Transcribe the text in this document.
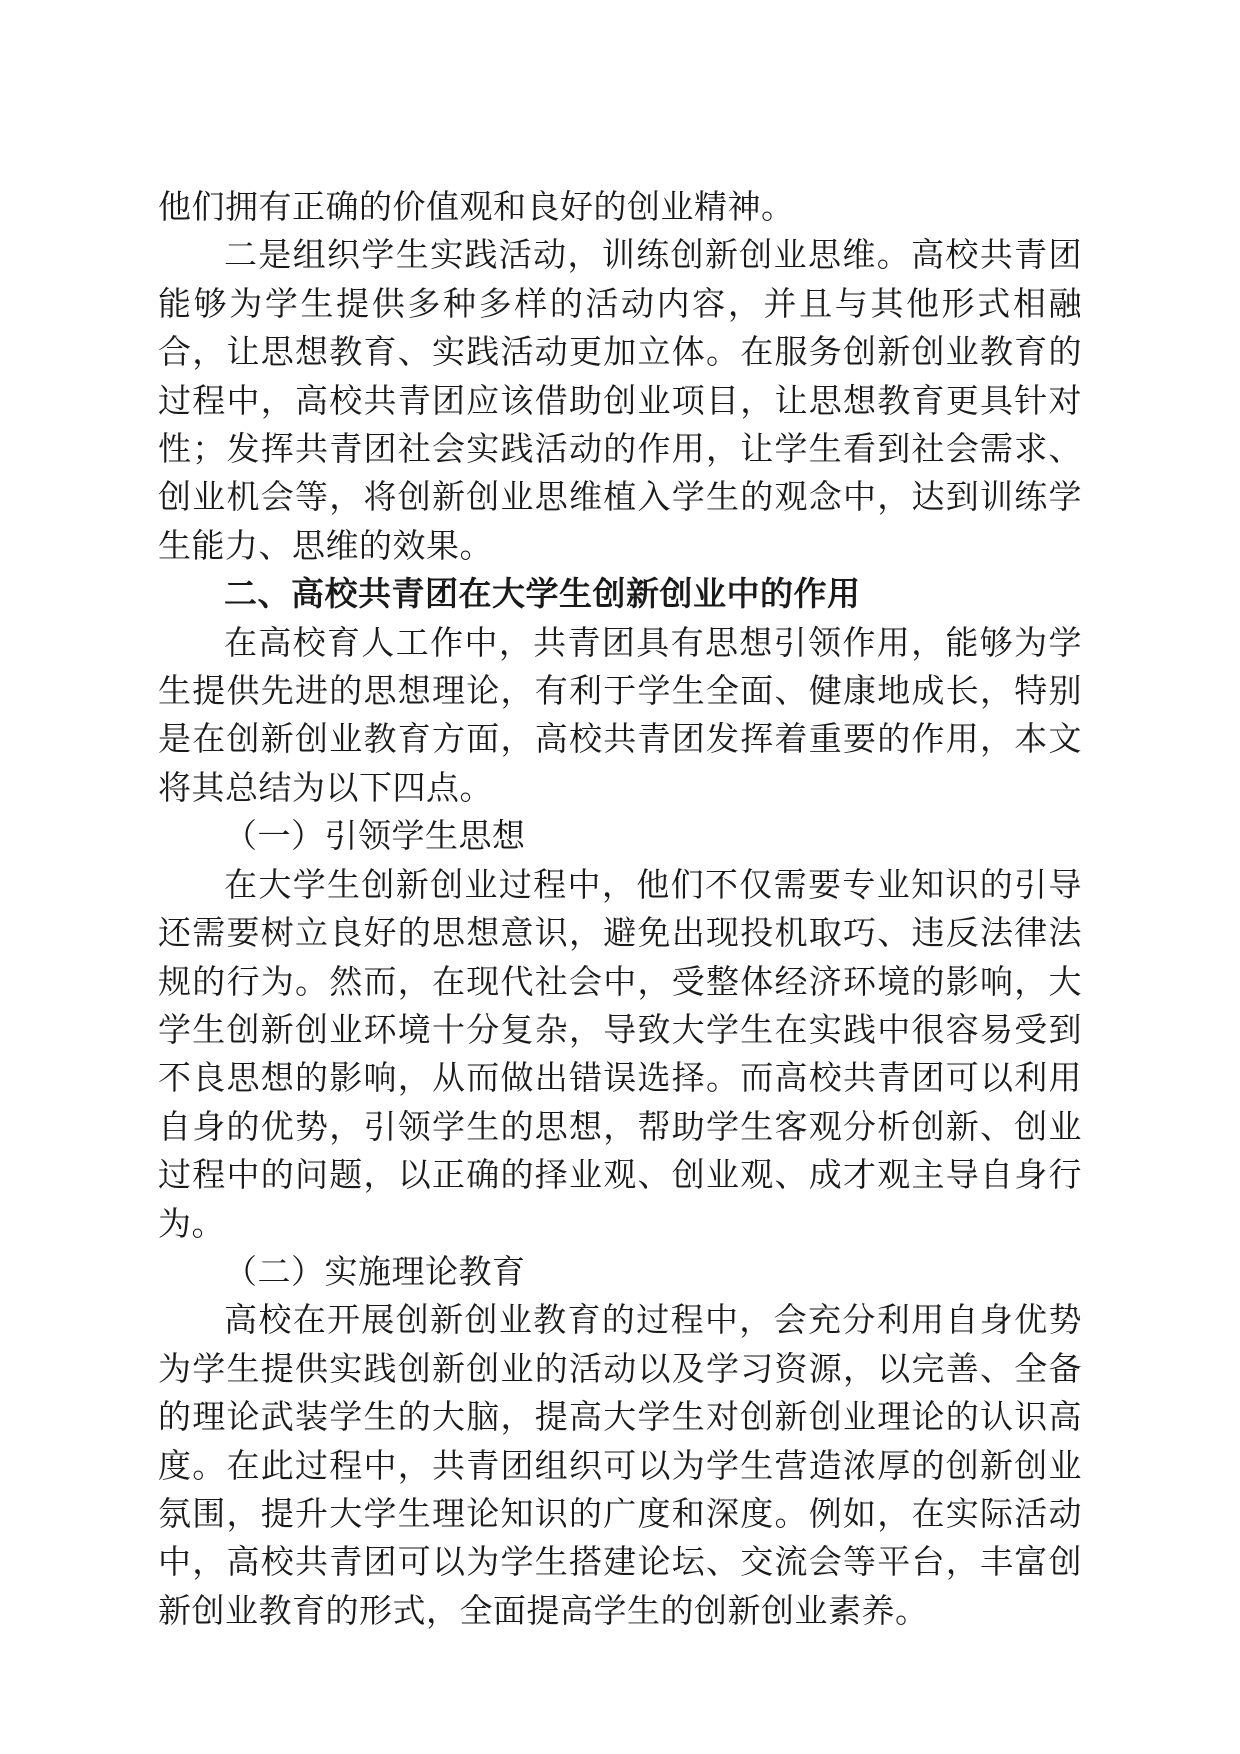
他们拥有正确的价值观和良好的创业精神。

二是组织学生实践活动，训练创新创业思维。高校共青团能够为学生提供多种多样的活动内容，并且与其他形式相融合，让思想教育、实践活动更加立体。在服务创新创业教育的过程中，高校共青团应该借助创业项目，让思想教育更具针对性；发挥共青团社会实践活动的作用，让学生看到社会需求、创业机会等，将创新创业思维植入学生的观念中，达到训练学生能力、思维的效果。

二、高校共青团在大学生创新创业中的作用

在高校育人工作中，共青团具有思想引领作用，能够为学生提供先进的思想理论，有利于学生全面、健康地成长，特别是在创新创业教育方面，高校共青团发挥着重要的作用，本文将其总结为以下四点。

（一）引领学生思想

在大学生创新创业过程中，他们不仅需要专业知识的引导还需要树立良好的思想意识，避免出现投机取巧、违反法律法规的行为。然而，在现代社会中，受整体经济环境的影响，大学生创新创业环境十分复杂，导致大学生在实践中很容易受到不良思想的影响，从而做出错误选择。而高校共青团可以利用自身的优势，引领学生的思想，帮助学生客观分析创新、创业过程中的问题，以正确的择业观、创业观、成才观主导自身行为。

（二）实施理论教育

高校在开展创新创业教育的过程中，会充分利用自身优势为学生提供实践创新创业的活动以及学习资源，以完善、全备的理论武装学生的大脑，提高大学生对创新创业理论的认识高度。在此过程中，共青团组织可以为学生营造浓厚的创新创业氛围，提升大学生理论知识的广度和深度。例如，在实际活动中，高校共青团可以为学生搭建论坛、交流会等平台，丰富创新创业教育的形式，全面提高学生的创新创业素养。
